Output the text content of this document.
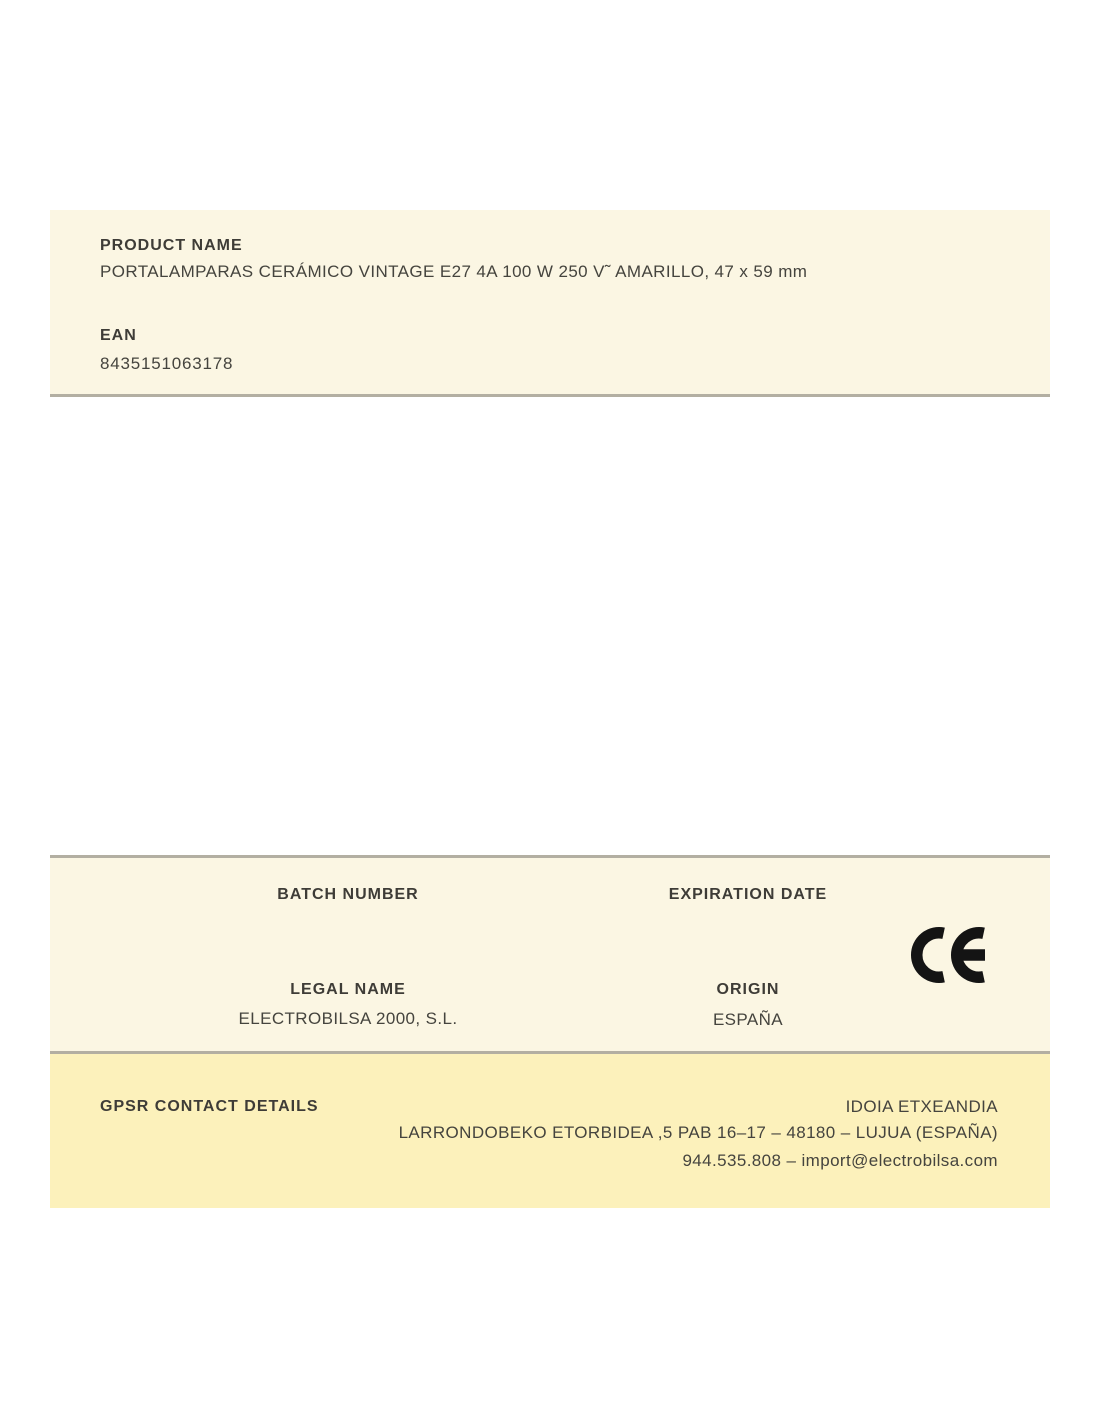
PRODUCT NAME
PORTALAMPARAS CERÁMICO VINTAGE E27 4A 100 W 250 V˜ AMARILLO, 47 x 59 mm
EAN
8435151063178
BATCH NUMBER	EXPIRATION DATE
LEGAL NAME
ELECTROBILSA 2000, S.L.
ORIGIN
ESPAÑA
GPSR CONTACT DETAILS	IDOIA ETXEANDIA
LARRONDOBEKO ETORBIDEA ,5 PAB 16–17 – 48180 – LUJUA (ESPAÑA)
944.535.808 – import@electrobilsa.com
